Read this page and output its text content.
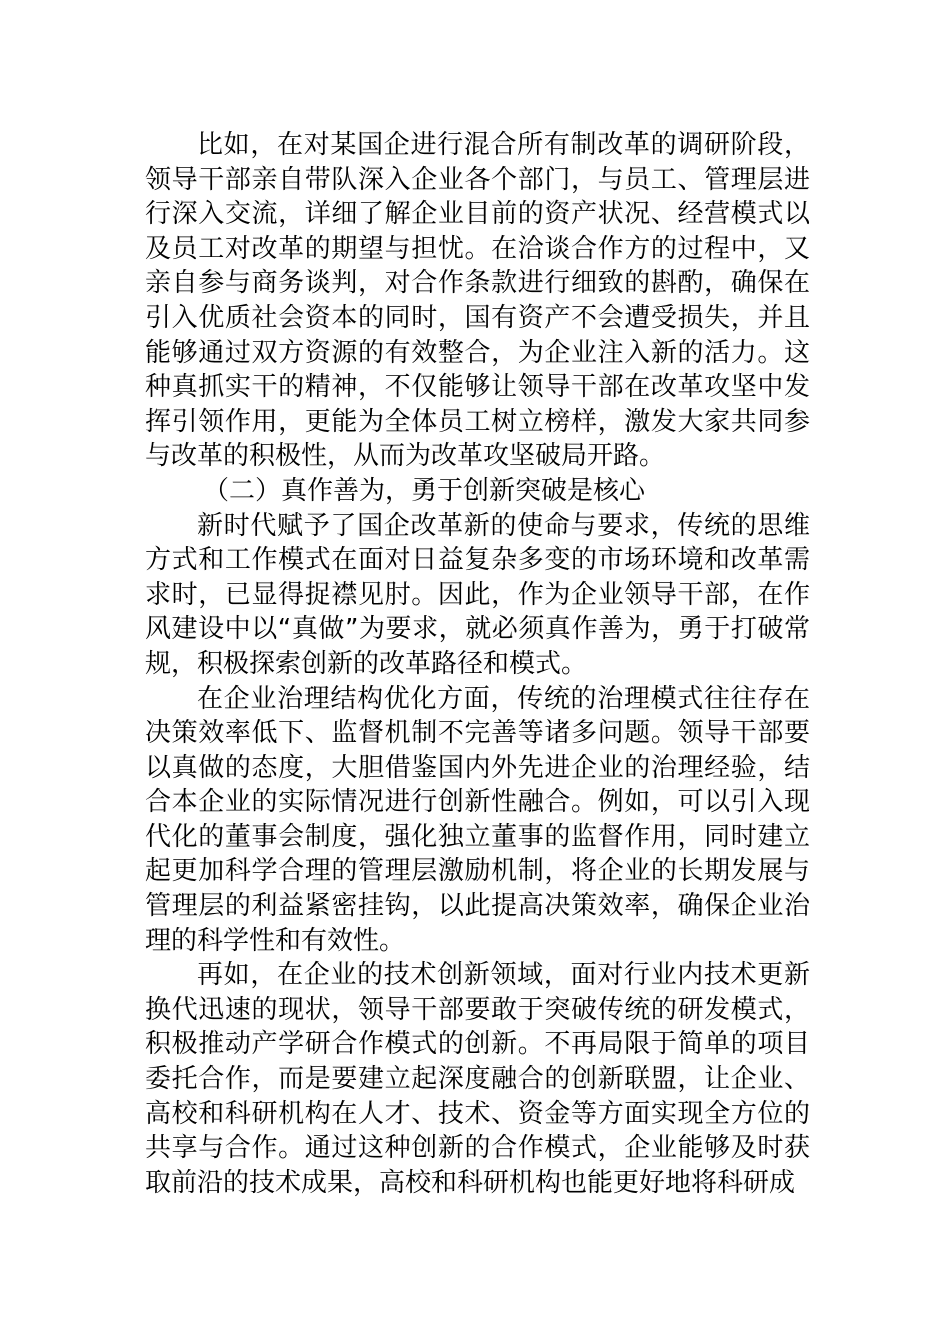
比如，在对某国企进行混合所有制改革的调研阶段，领导干部亲自带队深入企业各个部门，与员工、管理层进行深入交流，详细了解企业目前的资产状况、经营模式以及员工对改革的期望与担忧。在洽谈合作方的过程中，又亲自参与商务谈判，对合作条款进行细致的斟酌，确保在引入优质社会资本的同时，国有资产不会遭受损失，并且能够通过双方资源的有效整合，为企业注入新的活力。这种真抓实干的精神，不仅能够让领导干部在改革攻坚中发挥引领作用，更能为全体员工树立榜样，激发大家共同参与改革的积极性，从而为改革攻坚破局开路。

（二）真作善为，勇于创新突破是核心

新时代赋予了国企改革新的使命与要求，传统的思维方式和工作模式在面对日益复杂多变的市场环境和改革需求时，已显得捉襟见肘。因此，作为企业领导干部，在作风建设中以“真做”为要求，就必须真作善为，勇于打破常规，积极探索创新的改革路径和模式。

在企业治理结构优化方面，传统的治理模式往往存在决策效率低下、监督机制不完善等诸多问题。领导干部要以真做的态度，大胆借鉴国内外先进企业的治理经验，结合本企业的实际情况进行创新性融合。例如，可以引入现代化的董事会制度，强化独立董事的监督作用，同时建立起更加科学合理的管理层激励机制，将企业的长期发展与管理层的利益紧密挂钩，以此提高决策效率，确保企业治理的科学性和有效性。

再如，在企业的技术创新领域，面对行业内技术更新换代迅速的现状，领导干部要敢于突破传统的研发模式，积极推动产学研合作模式的创新。不再局限于简单的项目委托合作，而是要建立起深度融合的创新联盟，让企业、高校和科研机构在人才、技术、资金等方面实现全方位的共享与合作。通过这种创新的合作模式，企业能够及时获取前沿的技术成果，高校和科研机构也能更好地将科研成
